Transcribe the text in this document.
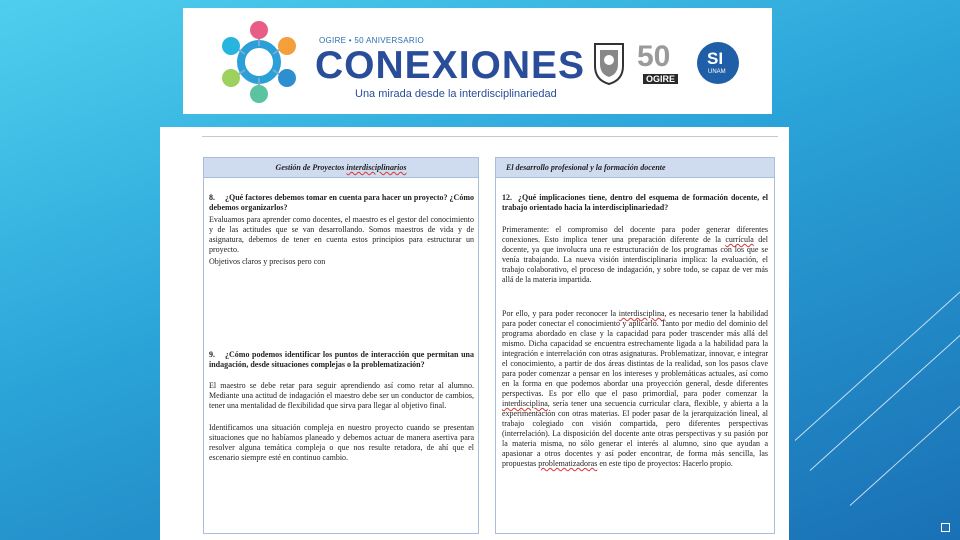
OGIRE • 50 ANIVERSARIO
CONEXIONES
Una mirada desde la interdisciplinariedad
50
OGIRE
SI
UNAM
Gestión de Proyectos interdisciplinarios
8. ¿Qué factores debemos tomar en cuenta para hacer un proyecto? ¿Cómo debemos organizarlos?
Evaluamos para aprender como docentes, el maestro es el gestor del conocimiento y de las actitudes que se van desarrollando. Somos maestros de vida y de asignatura, debemos de tener en cuenta estos principios para estructurar un proyecto.
Objetivos claros y precisos pero con
9. ¿Cómo podemos identificar los puntos de interacción que permitan una indagación, desde situaciones complejas o la problematización?
El maestro se debe retar para seguir aprendiendo así como retar al alumno. Mediante una actitud de indagación el maestro debe ser un conductor de cambios, tener una mentalidad de flexibilidad que sirva para llegar al objetivo final.
Identificamos una situación compleja en nuestro proyecto cuando se presentan situaciones que no habíamos planeado y debemos actuar de manera asertiva para resolver alguna temática compleja o que nos resulte retadora, de ahí que el escenario siempre esté en continuo cambio.
El desarrollo profesional y la formación docente
12. ¿Qué implicaciones tiene, dentro del esquema de formación docente, el trabajo orientado hacia la interdisciplinariedad?
Primeramente: el compromiso del docente para poder generar diferentes conexiones. Esto implica tener una preparación diferente de la currícula del docente, ya que involucra una re estructuración de los programas con los que se venía trabajando. La nueva visión interdisciplinaria implica: la evaluación, el trabajo colaborativo, el proceso de indagación, y sobre todo, se capaz de ver más allá de la materia impartida.
Por ello, y para poder reconocer la interdisciplina, es necesario tener la habilidad para poder conectar el conocimiento y aplicarlo. Tanto por medio del dominio del programa abordado en clase y la capacidad para poder trascender más allá del mismo. Dicha capacidad se encuentra estrechamente ligada a la habilidad para la integración e interrelación con otras asignaturas. Problematizar, innovar, e integrar el conocimiento, a partir de dos áreas distintas de la realidad, son los pasos clave para poder comenzar a pensar en los intereses y problemáticas actuales, así como en la forma en que podemos abordar una proyección general, desde diferentes perspectivas. Es por ello que el paso primordial, para poder comenzar la interdisciplina, sería tener una secuencia curricular clara, flexible, y abierta a la experimentación con otras materias. El poder pasar de la jerarquización lineal, al trabajo colegiado con visión compartida, pero diferentes perspectivas (interrelación). La disposición del docente ante otras perspectivas y su pasión por la materia misma, no sólo generar el interés al alumno, sino que ayudan a apasionar a otros docentes y así poder encontrar, de forma más sencilla, las propuestas problematizadoras en este tipo de proyectos: Hacerlo propio.
